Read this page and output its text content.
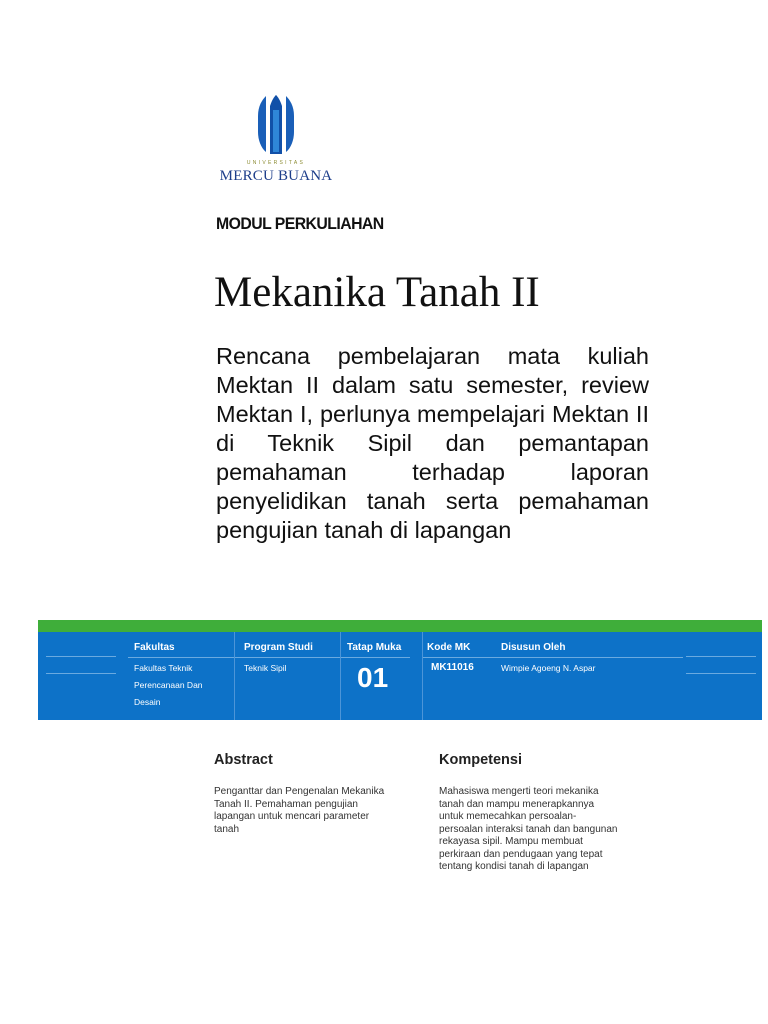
UNIVERSITAS
MERCU BUANA
MODUL PERKULIAHAN
Mekanika Tanah II

Rencana pembelajaran mata kuliah Mektan II dalam satu semester, review Mektan I, perlunya mempelajari Mektan II di Teknik Sipil dan pemantapan pemahaman terhadap laporan penyelidikan tanah serta pemahaman pengujian tanah di lapangan

Fakultas	Program Studi	Tatap Muka	Kode MK	Disusun Oleh
Fakultas Teknik
Perencanaan Dan
Desain
Teknik Sipil	01	MK11016	Wimpie Agoeng N. Aspar
Abstract
Penganttar dan Pengenalan Mekanika
Tanah II. Pemahaman pengujian
lapangan untuk mencari parameter
tanah
Kompetensi
Mahasiswa mengerti teori mekanika
tanah dan mampu menerapkannya
untuk memecahkan persoalan-
persoalan interaksi tanah dan bangunan
rekayasa sipil. Mampu membuat
perkiraan dan pendugaan yang tepat
tentang kondisi tanah di lapangan
